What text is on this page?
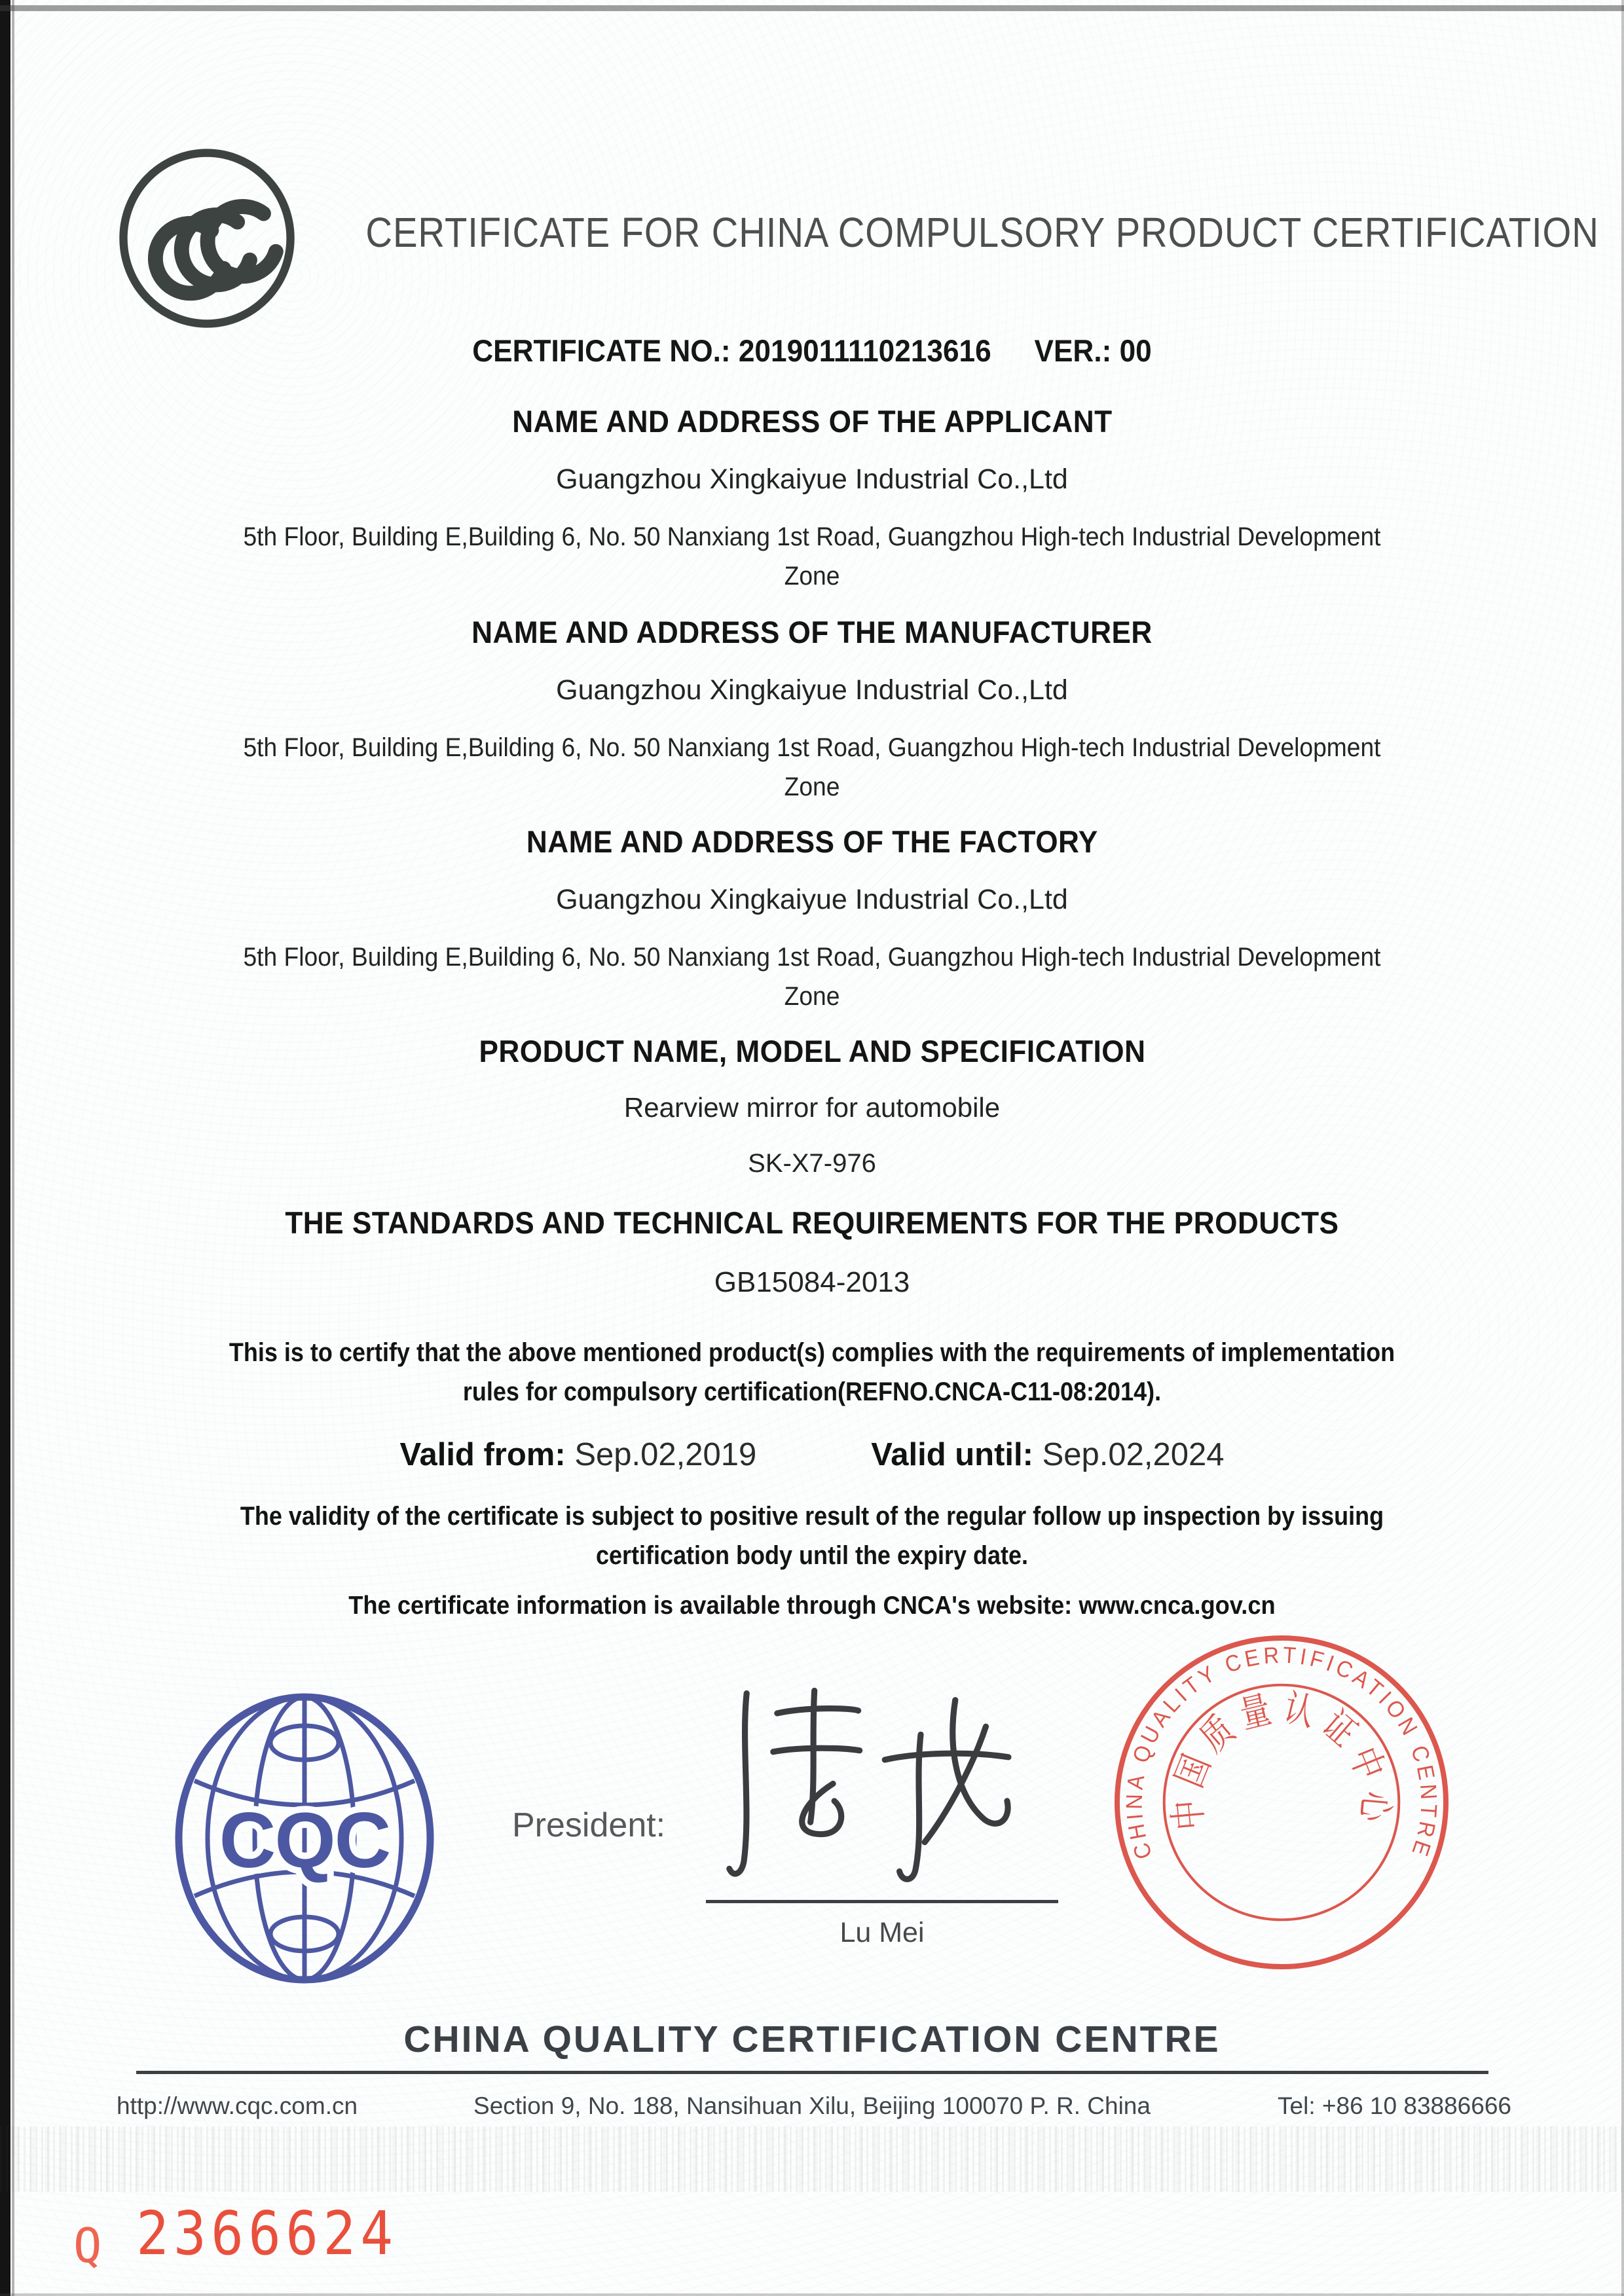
CERTIFICATE FOR CHINA COMPULSORY PRODUCT CERTIFICATION
CERTIFICATE NO.: 2019011110213616 VER.: 00
NAME AND ADDRESS OF THE APPLICANT
Guangzhou Xingkaiyue Industrial Co.,Ltd
5th Floor, Building E,Building 6, No. 50 Nanxiang 1st Road, Guangzhou High-tech Industrial Development Zone
NAME AND ADDRESS OF THE MANUFACTURER
Guangzhou Xingkaiyue Industrial Co.,Ltd
5th Floor, Building E,Building 6, No. 50 Nanxiang 1st Road, Guangzhou High-tech Industrial Development Zone
NAME AND ADDRESS OF THE FACTORY
Guangzhou Xingkaiyue Industrial Co.,Ltd
5th Floor, Building E,Building 6, No. 50 Nanxiang 1st Road, Guangzhou High-tech Industrial Development Zone
PRODUCT NAME, MODEL AND SPECIFICATION
Rearview mirror for automobile
SK-X7-976
THE STANDARDS AND TECHNICAL REQUIREMENTS FOR THE PRODUCTS
GB15084-2013
This is to certify that the above mentioned product(s) complies with the requirements of implementation rules for compulsory certification(REFNO.CNCA-C11-08:2014).
Valid from: Sep.02,2019	Valid until: Sep.02,2024
The validity of the certificate is subject to positive result of the regular follow up inspection by issuing certification body until the expiry date.
The certificate information is available through CNCA's website: www.cnca.gov.cn
CQC	President:
Lu Mei
CHINA QUALITY CERTIFICATION CENTRE
中国质量认证中心
CHINA QUALITY CERTIFICATION CENTRE
http://www.cqc.com.cn	Section 9, No. 188, Nansihuan Xilu, Beijing 100070 P. R. China	Tel: +86 10 83886666
Q 2366624
